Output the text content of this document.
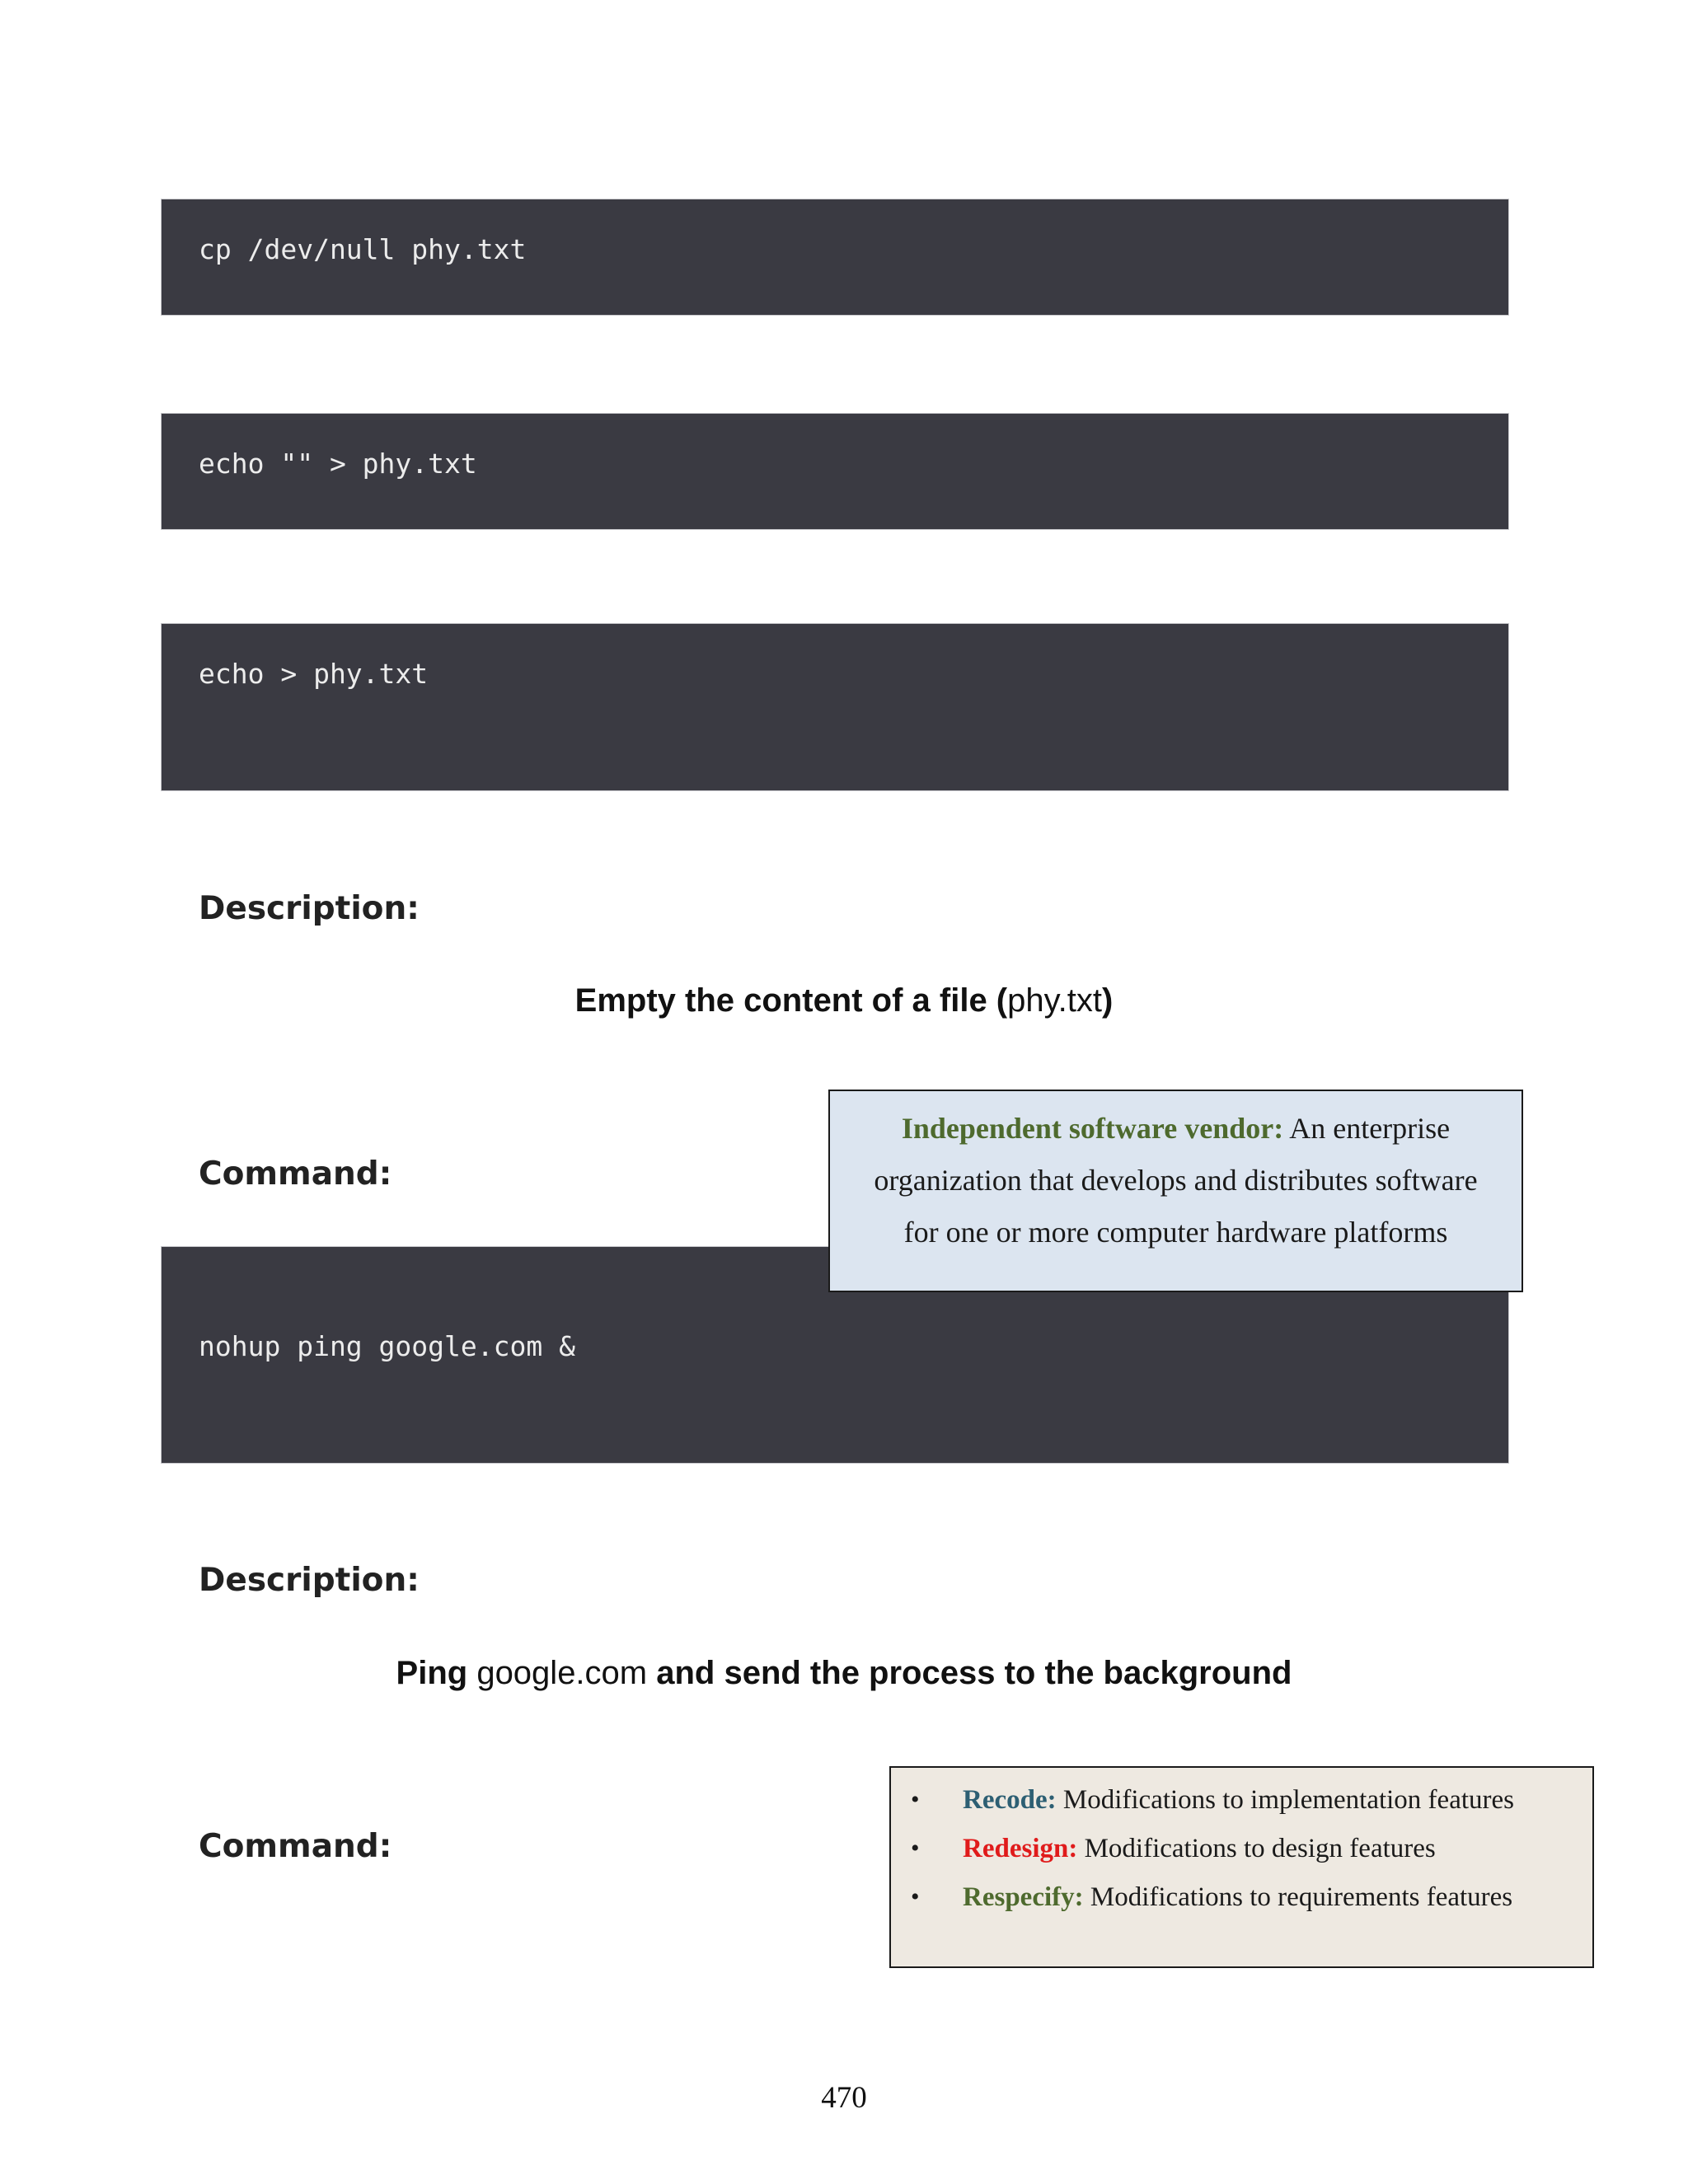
cp /dev/null phy.txt
echo "" > phy.txt
echo > phy.txt
Description:
Empty the content of a file (phy.txt)
Command:
nohup ping google.com &
Independent software vendor: An enterprise
organization that develops and distributes software
for one or more computer hardware platforms
Description:
Ping google.com and send the process to the background
Command:
• Recode: Modifications to implementation features
• Redesign: Modifications to design features
• Respecify: Modifications to requirements features
470
